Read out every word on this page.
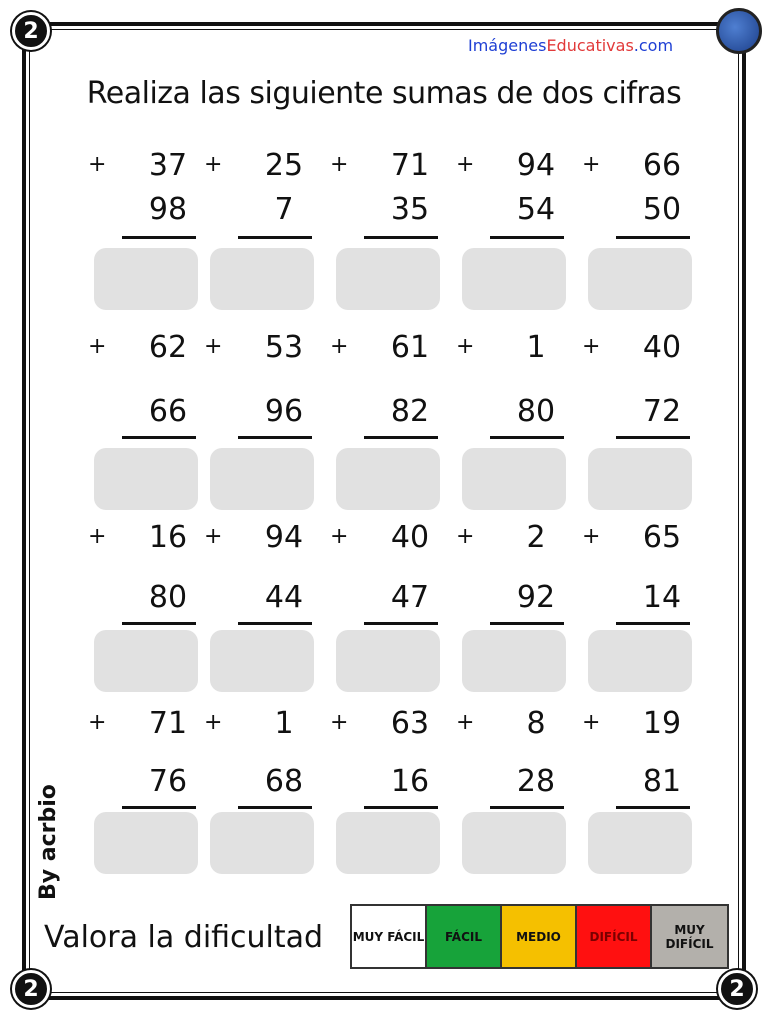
2
2	2
ImágenesEducativas.com
Realiza las siguiente sumas de dos cifras
+	37
98
+	25
7
+	71
35
+	94
54
+	66
50
+	62
66
+	53
96
+	61
82
+	1
80
+	40
72
+	16
80
+	94
44
+	40
47
+	2
92
+	65
14
+	71
76
+	1
68
+	63
16
+	8
28
+	19
81
By acrbio
Valora la dificultad MUY FÁCIL	FÁCIL	MEDIO	DIFÍCIL	MUY DIFÍCIL
